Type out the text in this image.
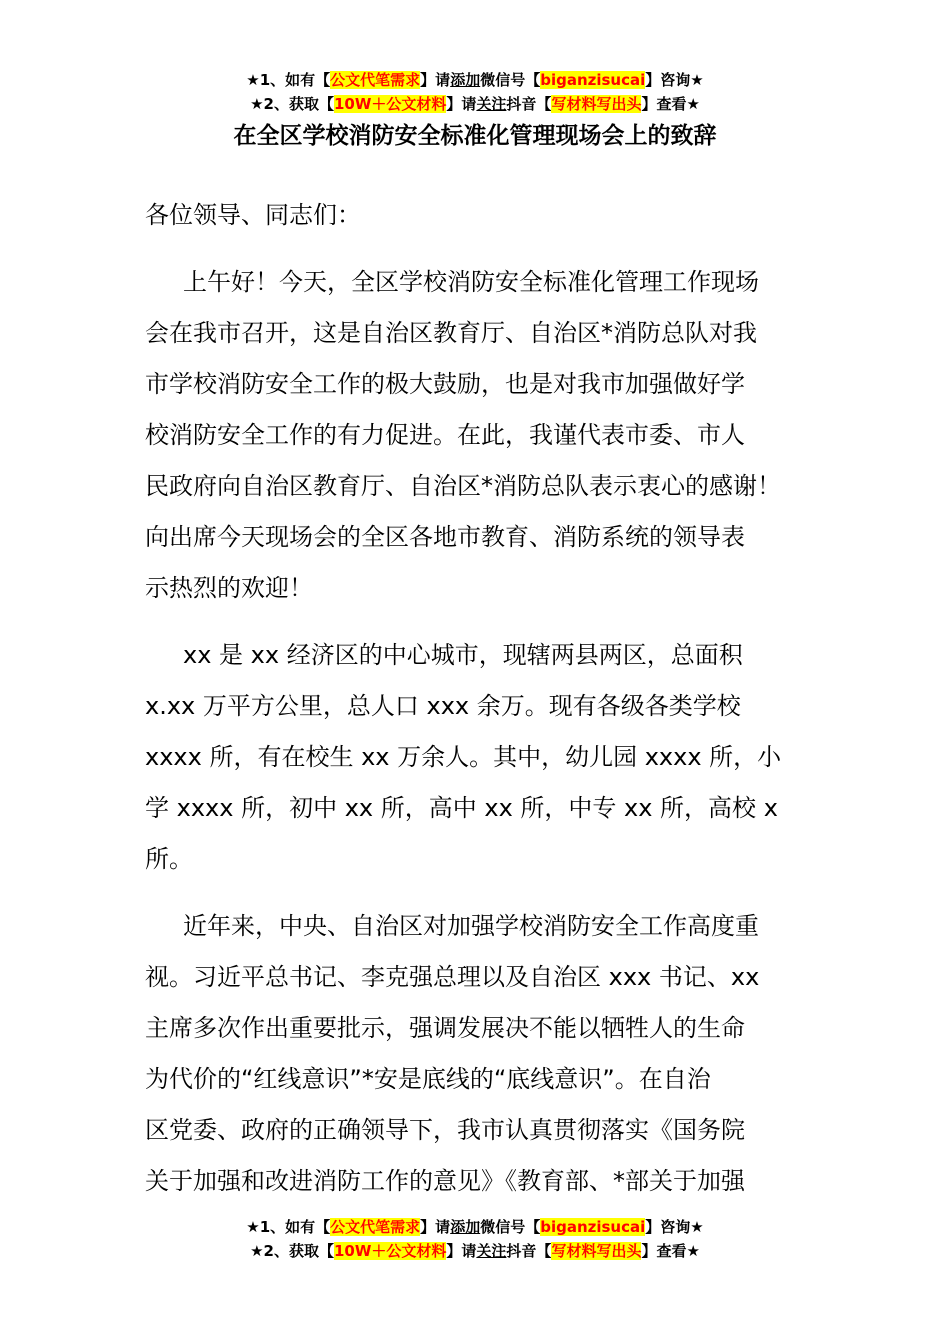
★1、如有【公文代笔需求】请添加微信号【biganzisucai】咨询★
★2、获取【10W＋公文材料】请关注抖音【写材料写出头】查看★
在全区学校消防安全标准化管理现场会上的致辞
各位领导、同志们：
上午好！今天，全区学校消防安全标准化管理工作现场
会在我市召开，这是自治区教育厅、自治区*消防总队对我
市学校消防安全工作的极大鼓励，也是对我市加强做好学
校消防安全工作的有力促进。在此，我谨代表市委、市人
民政府向自治区教育厅、自治区*消防总队表示衷心的感谢！
向出席今天现场会的全区各地市教育、消防系统的领导表
示热烈的欢迎！
xx 是 xx 经济区的中心城市，现辖两县两区，总面积
x.xx 万平方公里，总人口 xxx 余万。现有各级各类学校
xxxx 所，有在校生 xx 万余人。其中，幼儿园 xxxx 所，小
学 xxxx 所，初中 xx 所，高中 xx 所，中专 xx 所，高校 x
所。
近年来，中央、自治区对加强学校消防安全工作高度重
视。习近平总书记、李克强总理以及自治区 xxx 书记、xx
主席多次作出重要批示，强调发展决不能以牺牲人的生命
为代价的“红线意识”*安是底线的“底线意识”。在自治
区党委、政府的正确领导下，我市认真贯彻落实《国务院
关于加强和改进消防工作的意见》《教育部、*部关于加强
★1、如有【公文代笔需求】请添加微信号【biganzisucai】咨询★
★2、获取【10W＋公文材料】请关注抖音【写材料写出头】查看★
